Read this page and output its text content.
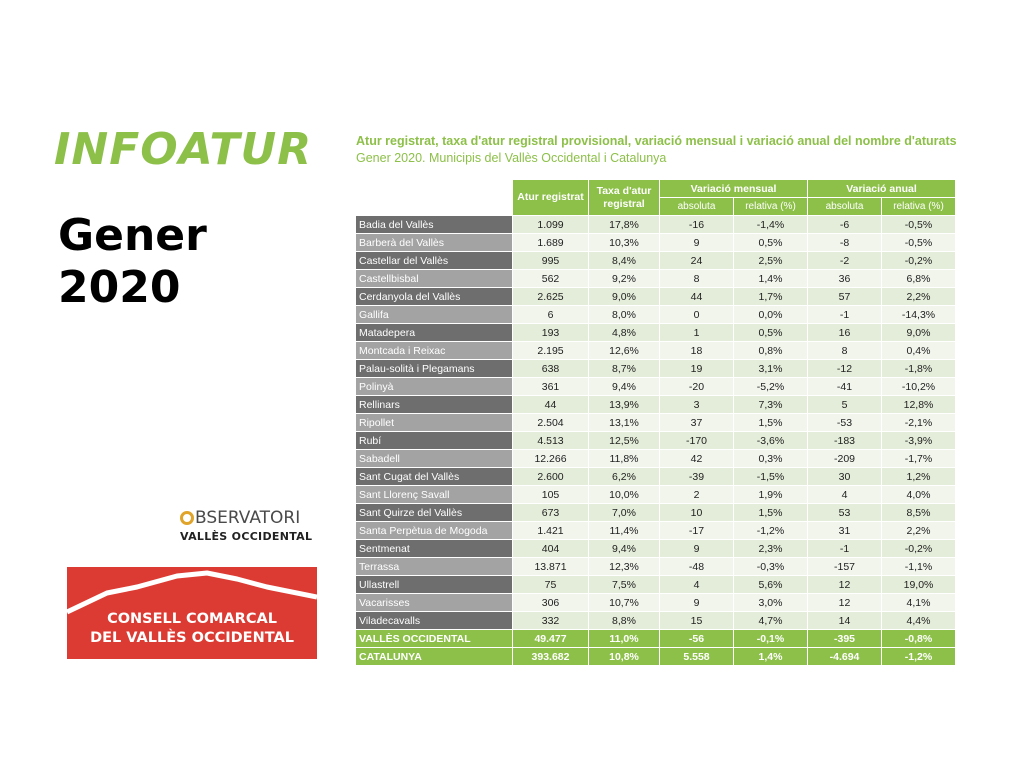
INFOATUR
Gener
2020
Atur registrat, taxa d'atur registral provisional, variació mensual i variació anual del nombre d'aturats
Gener 2020. Municipis del Vallès Occidental i Catalunya
	Atur registrat	Taxa d'atur registral	Variació mensual		Variació anual	
			absoluta	relativa (%)	absoluta	relativa (%)
Badia del Vallès	1.099	17,8%	-16	-1,4%	-6	-0,5%
Barberà del Vallès	1.689	10,3%	9	0,5%	-8	-0,5%
Castellar del Vallès	995	8,4%	24	2,5%	-2	-0,2%
Castellbisbal	562	9,2%	8	1,4%	36	6,8%
Cerdanyola del Vallès	2.625	9,0%	44	1,7%	57	2,2%
Gallifa	6	8,0%	0	0,0%	-1	-14,3%
Matadepera	193	4,8%	1	0,5%	16	9,0%
Montcada i Reixac	2.195	12,6%	18	0,8%	8	0,4%
Palau-solità i Plegamans	638	8,7%	19	3,1%	-12	-1,8%
Polinyà	361	9,4%	-20	-5,2%	-41	-10,2%
Rellinars	44	13,9%	3	7,3%	5	12,8%
Ripollet	2.504	13,1%	37	1,5%	-53	-2,1%
Rubí	4.513	12,5%	-170	-3,6%	-183	-3,9%
Sabadell	12.266	11,8%	42	0,3%	-209	-1,7%
Sant Cugat del Vallès	2.600	6,2%	-39	-1,5%	30	1,2%
Sant Llorenç Savall	105	10,0%	2	1,9%	4	4,0%
Sant Quirze del Vallès	673	7,0%	10	1,5%	53	8,5%
Santa Perpètua de Mogoda	1.421	11,4%	-17	-1,2%	31	2,2%
Sentmenat	404	9,4%	9	2,3%	-1	-0,2%
Terrassa	13.871	12,3%	-48	-0,3%	-157	-1,1%
Ullastrell	75	7,5%	4	5,6%	12	19,0%
Vacarisses	306	10,7%	9	3,0%	12	4,1%
Viladecavalls	332	8,8%	15	4,7%	14	4,4%
VALLÈS OCCIDENTAL	49.477	11,0%	-56	-0,1%	-395	-0,8%
CATALUNYA	393.682	10,8%	5.558	1,4%	-4.694	-1,2%
BSERVATORI
VALLÈS OCCIDENTAL
CONSELL COMARCAL
DEL VALLÈS OCCIDENTAL
